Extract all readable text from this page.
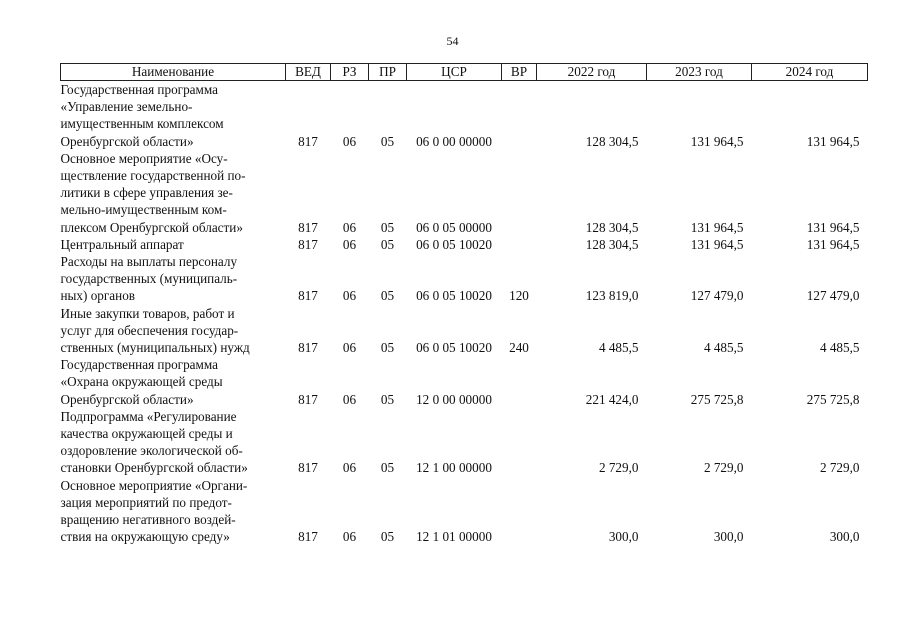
54
Наименование	ВЕД	РЗ	ПР	ЦСР	ВР	2022 год	2023 год	2024 год
Государственная программа
«Управление земельно-
имущественным комплексом
Оренбургской области»	817	06	05	06 0 00 00000		128 304,5	131 964,5	131 964,5
Основное мероприятие «Осу-
ществление государственной по-
литики в сфере управления зе-
мельно-имущественным ком-
плексом Оренбургской области»	817	06	05	06 0 05 00000		128 304,5	131 964,5	131 964,5
Центральный аппарат	817	06	05	06 0 05 10020		128 304,5	131 964,5	131 964,5
Расходы на выплаты персоналу
государственных (муниципаль-
ных) органов	817	06	05	06 0 05 10020	120	123 819,0	127 479,0	127 479,0
Иные закупки товаров, работ и
услуг для обеспечения государ-
ственных (муниципальных) нужд	817	06	05	06 0 05 10020	240	4 485,5	4 485,5	4 485,5
Государственная программа
«Охрана окружающей среды
Оренбургской области»	817	06	05	12 0 00 00000		221 424,0	275 725,8	275 725,8
Подпрограмма «Регулирование
качества окружающей среды и
оздоровление экологической об-
становки Оренбургской области»	817	06	05	12 1 00 00000		2 729,0	2 729,0	2 729,0
Основное мероприятие «Органи-
зация мероприятий по предот-
вращению негативного воздей-
ствия на окружающую среду»	817	06	05	12 1 01 00000		300,0	300,0	300,0
